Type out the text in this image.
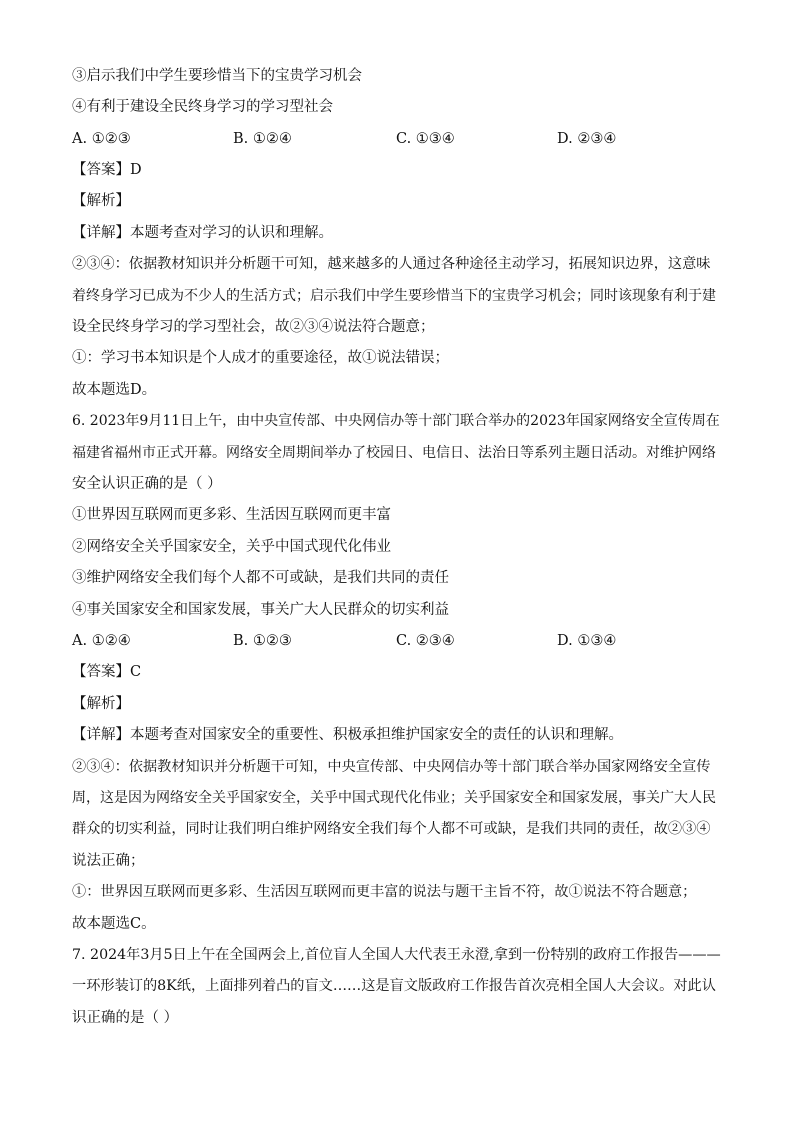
③启示我们中学生要珍惜当下的宝贵学习机会
④有利于建设全民终身学习的学习型社会
A. ①②③	B. ①②④	C. ①③④	D. ②③④
【答案】D
【解析】
【详解】本题考查对学习的认识和理解。
②③④：依据教材知识并分析题干可知，越来越多的人通过各种途径主动学习，拓展知识边界，这意味
着终身学习已成为不少人的生活方式；启示我们中学生要珍惜当下的宝贵学习机会；同时该现象有利于建
设全民终身学习的学习型社会，故②③④说法符合题意；
①：学习书本知识是个人成才的重要途径，故①说法错误；
故本题选D。
6. 2023年9月11日上午，由中央宣传部、中央网信办等十部门联合举办的2023年国家网络安全宣传周在
福建省福州市正式开幕。网络安全周期间举办了校园日、电信日、法治日等系列主题日活动。对维护网络
安全认识正确的是（ ）
①世界因互联网而更多彩、生活因互联网而更丰富
②网络安全关乎国家安全，关乎中国式现代化伟业
③维护网络安全我们每个人都不可或缺，是我们共同的责任
④事关国家安全和国家发展，事关广大人民群众的切实利益
A. ①②④	B. ①②③	C. ②③④	D. ①③④
【答案】C
【解析】
【详解】本题考查对国家安全的重要性、积极承担维护国家安全的责任的认识和理解。
②③④：依据教材知识并分析题干可知，中央宣传部、中央网信办等十部门联合举办国家网络安全宣传
周，这是因为网络安全关乎国家安全，关乎中国式现代化伟业；关乎国家安全和国家发展，事关广大人民
群众的切实利益，同时让我们明白维护网络安全我们每个人都不可或缺，是我们共同的责任，故②③④
说法正确；
①：世界因互联网而更多彩、生活因互联网而更丰富的说法与题干主旨不符，故①说法不符合题意；
故本题选C。
7. 2024年3月5日上午在全国两会上,首位盲人全国人大代表王永澄,拿到一份特别的政府工作报告———
一环形装订的8K纸，上面排列着凸的盲文……这是盲文版政府工作报告首次亮相全国人大会议。对此认
识正确的是（ ）
